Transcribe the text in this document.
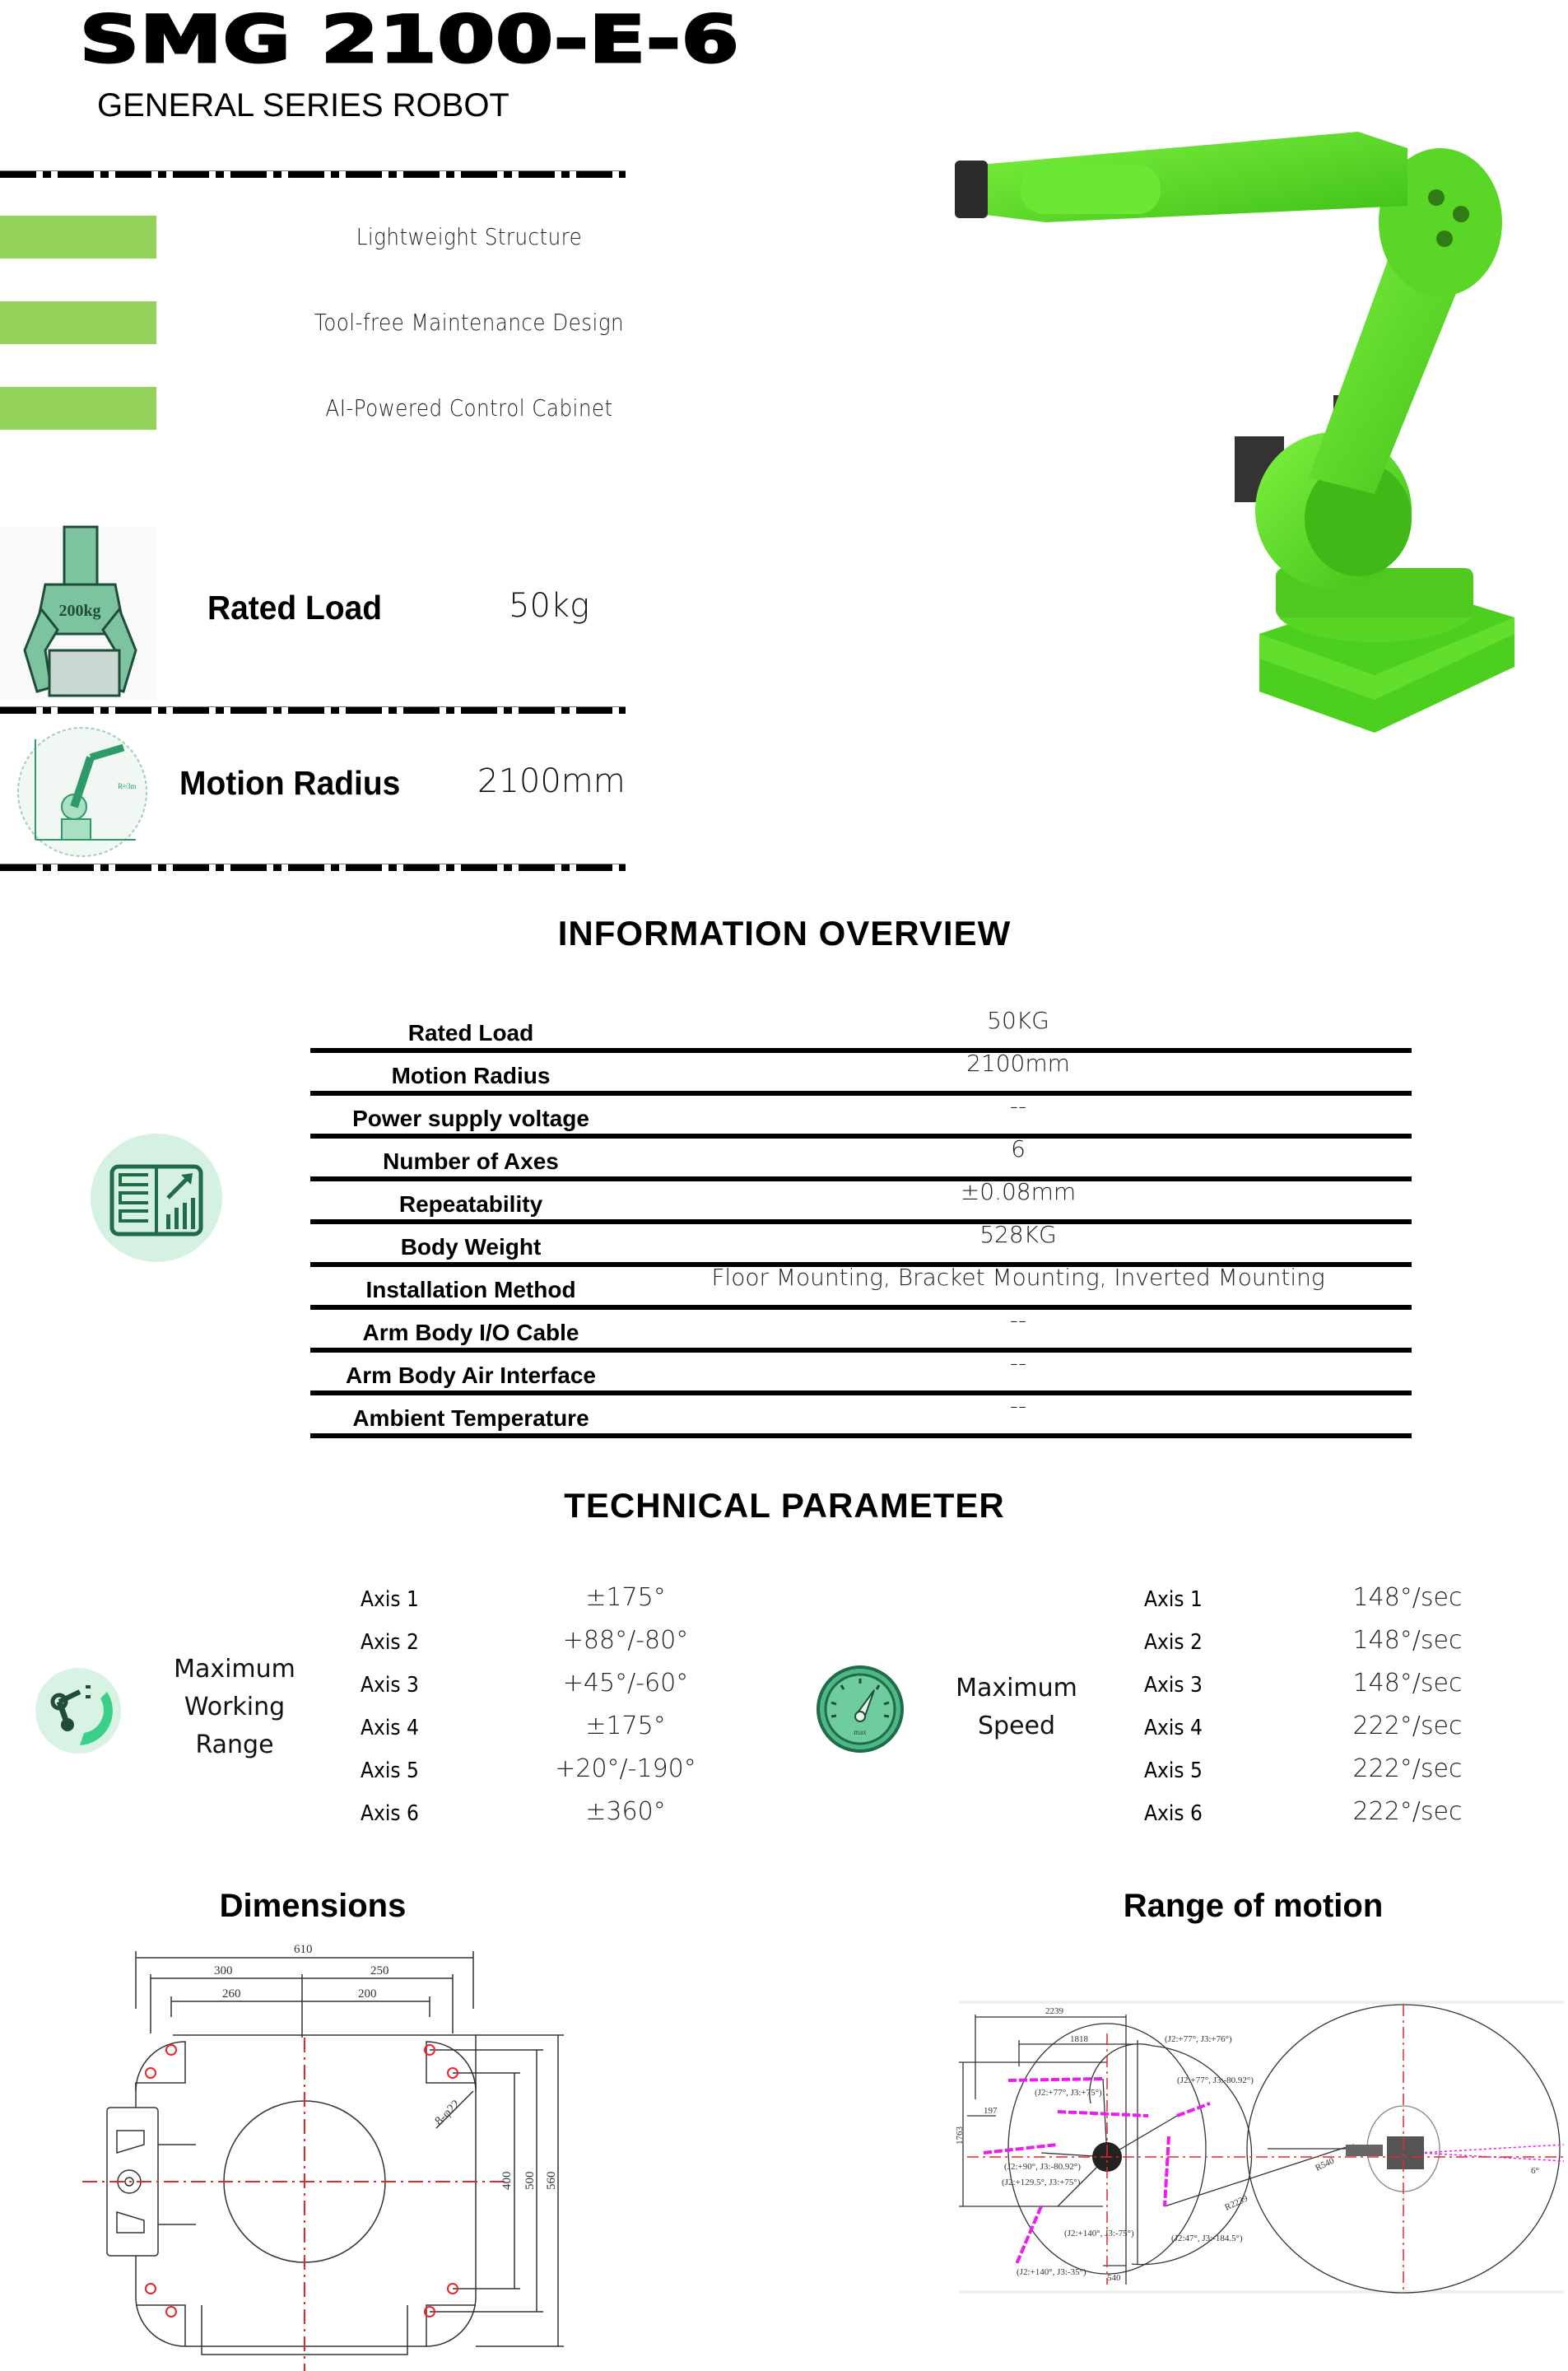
SMG 2100-E-6
GENERAL SERIES ROBOT
Lightweight Structure
Tool-free Maintenance Design
AI-Powered Control Cabinet
200kg	Rated Load	50kg
R≈3m Motion Radius 2100mm
INFORMATION OVERVIEW
Rated Load	50KG
Motion Radius	2100mm
Power supply voltage	--
Number of Axes	6
Repeatability	±0.08mm
Body Weight	528KG
Installation Method	Floor Mounting, Bracket Mounting, Inverted Mounting
Arm Body I/O Cable	--
Arm Body Air Interface	--
Ambient Temperature	--
TECHNICAL PARAMETER
Maximum
Working
Range
Axis 1	±175°
Axis 2	+88°/-80°
Axis 3	+45°/-60°
Axis 4	±175°
Axis 5	+20°/-190°
Axis 6	±360°
max
Maximum
Speed
Axis 1	148°/sec
Axis 2	148°/sec
Axis 3	148°/sec
Axis 4	222°/sec
Axis 5	222°/sec
Axis 6	222°/sec
Dimensions
610
300	250
260	200
400 500 560
8-φ22
Range of motion
2239
1818
1763
197
540
R2239
R540	6°
(J2:+77°, J3:+76°)
(J2:+77°, J3:-80.92°)
(J2:+77°, J3:+75°)
(J2:+90°, J3:-80.92°)
(J2:+129.5°, J3:+75°)
(J2:+140°, J3:-75°)
(J2:+140°, J3:-35°)
(J2:47°, J3:-184.5°)
